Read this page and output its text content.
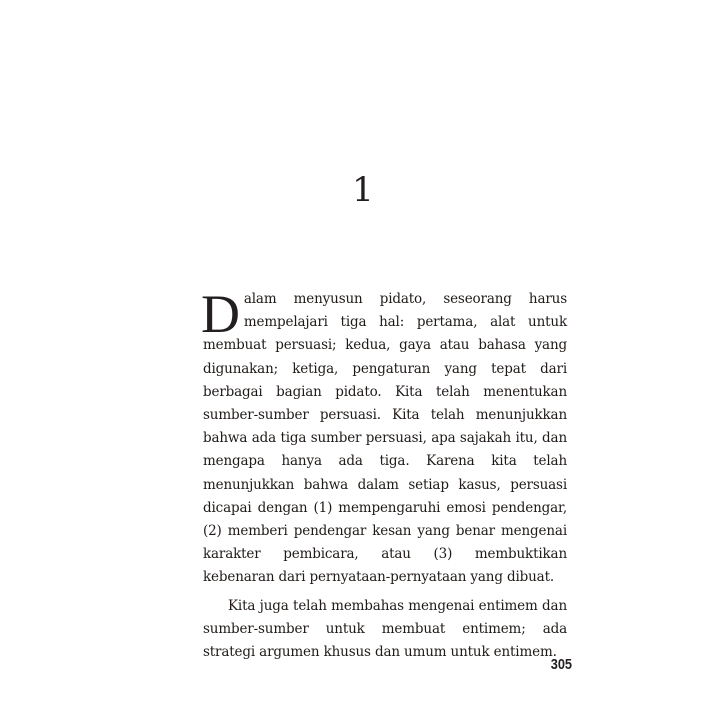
1

Dalam menyusun pidato, seseorang harus mempelajari tiga hal: pertama, alat untuk membuat persuasi; kedua, gaya atau bahasa yang digunakan; ketiga, pengaturan yang tepat dari berbagai bagian pidato. Kita telah menentukan sumber-sumber persuasi. Kita telah menunjukkan bahwa ada tiga sumber persuasi, apa sajakah itu, dan mengapa hanya ada tiga. Karena kita telah menunjukkan bahwa dalam setiap kasus, persuasi dicapai dengan (1) mempengaruhi emosi pendengar, (2) memberi pendengar kesan yang benar mengenai karakter pembicara, atau (3) membuktikan kebenaran dari pernyataan-pernyataan yang dibuat.

Kita juga telah membahas mengenai entimem dan sumber-sumber untuk membuat entimem; ada strategi argumen khusus dan umum untuk entimem.

305
